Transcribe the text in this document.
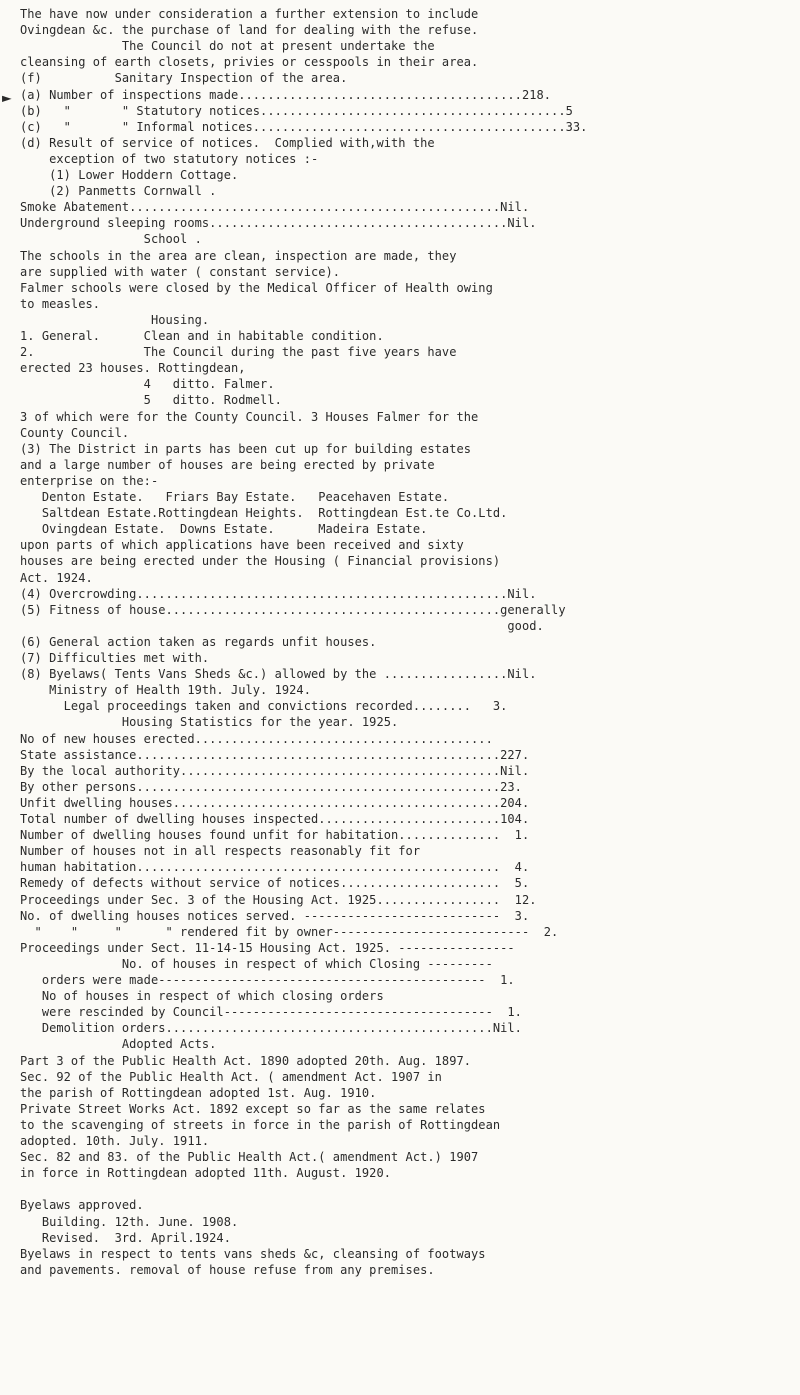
►
The have now under consideration a further extension to include
Ovingdean &c. the purchase of land for dealing with the refuse.
The Council do not at present undertake the
cleansing of earth closets, privies or cesspools in their area.
(f)          Sanitary Inspection of the area.
(a) Number of inspections made.......................................218.
(b)   "       " Statutory notices..........................................5
(c)   "       " Informal notices...........................................33.
(d) Result of service of notices.  Complied with,with the
exception of two statutory notices :-
(1) Lower Hoddern Cottage.
(2) Panmetts Cornwall .
Smoke Abatement...................................................Nil.
Underground sleeping rooms.........................................Nil.
School .
The schools in the area are clean, inspection are made, they
are supplied with water ( constant service).
Falmer schools were closed by the Medical Officer of Health owing
to measles.
Housing.
1. General.      Clean and in habitable condition.
2.               The Council during the past five years have
erected 23 houses. Rottingdean,
4   ditto. Falmer.
5   ditto. Rodmell.
3 of which were for the County Council. 3 Houses Falmer for the
County Council.
(3) The District in parts has been cut up for building estates
and a large number of houses are being erected by private
enterprise on the:-
Denton Estate.   Friars Bay Estate.   Peacehaven Estate.
Saltdean Estate.Rottingdean Heights.  Rottingdean Est.te Co.Ltd.
Ovingdean Estate.  Downs Estate.      Madeira Estate.
upon parts of which applications have been received and sixty
houses are being erected under the Housing ( Financial provisions)
Act. 1924.
(4) Overcrowding...................................................Nil.
(5) Fitness of house..............................................generally
good.
(6) General action taken as regards unfit houses.
(7) Difficulties met with.
(8) Byelaws( Tents Vans Sheds &c.) allowed by the .................Nil.
Ministry of Health 19th. July. 1924.
Legal proceedings taken and convictions recorded........   3.
Housing Statistics for the year. 1925.
No of new houses erected.........................................
State assistance..................................................227.
By the local authority............................................Nil.
By other persons..................................................23.
Unfit dwelling houses.............................................204.
Total number of dwelling houses inspected.........................104.
Number of dwelling houses found unfit for habitation..............  1.
Number of houses not in all respects reasonably fit for
human habitation..................................................  4.
Remedy of defects without service of notices......................  5.
Proceedings under Sec. 3 of the Housing Act. 1925.................  12.
No. of dwelling houses notices served. ---------------------------  3.
"    "     "      " rendered fit by owner---------------------------  2.
Proceedings under Sect. 11-14-15 Housing Act. 1925. ----------------
No. of houses in respect of which Closing ---------
orders were made---------------------------------------------  1.
No of houses in respect of which closing orders
were rescinded by Council-------------------------------------  1.
Demolition orders.............................................Nil.
Adopted Acts.
Part 3 of the Public Health Act. 1890 adopted 20th. Aug. 1897.
Sec. 92 of the Public Health Act. ( amendment Act. 1907 in
the parish of Rottingdean adopted 1st. Aug. 1910.
Private Street Works Act. 1892 except so far as the same relates
to the scavenging of streets in force in the parish of Rottingdean
adopted. 10th. July. 1911.
Sec. 82 and 83. of the Public Health Act.( amendment Act.) 1907
in force in Rottingdean adopted 11th. August. 1920.
Byelaws approved.
Building. 12th. June. 1908.
Revised.  3rd. April.1924.
Byelaws in respect to tents vans sheds &c, cleansing of footways
and pavements. removal of house refuse from any premises.
